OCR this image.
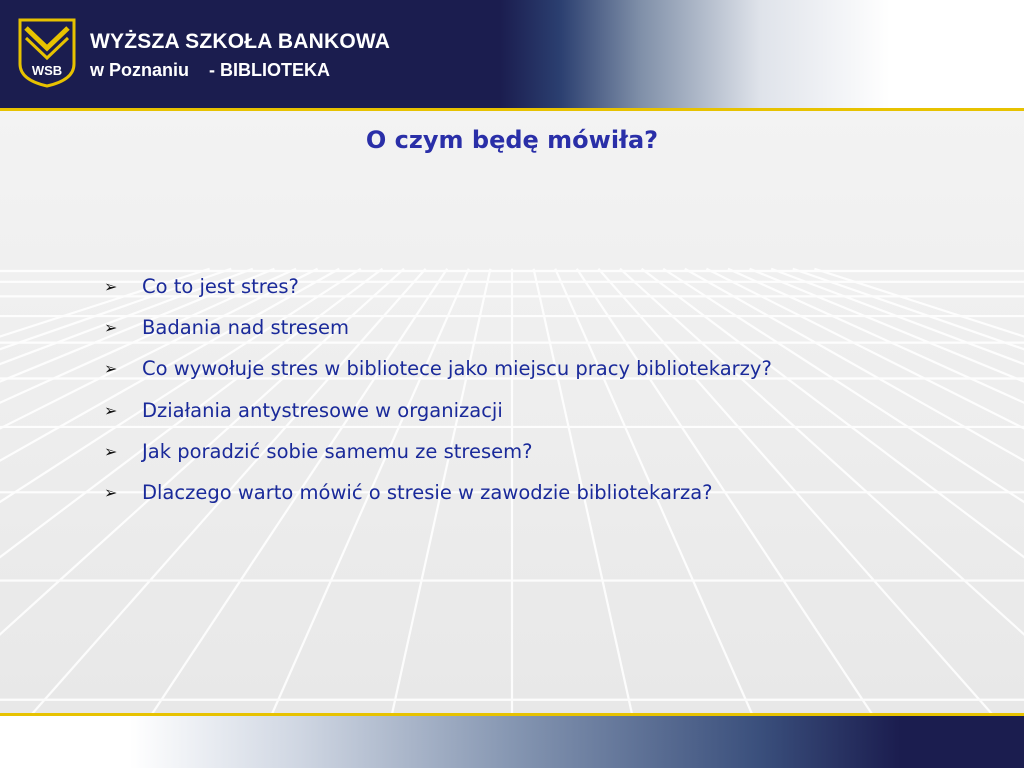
WSB
WYŻSZA SZKOŁA BANKOWA
w Poznaniu - BIBLIOTEKA
O czym będę mówiła?
➢	Co to jest stres?
➢	Badania nad stresem
➢	Co wywołuje stres w bibliotece jako miejscu pracy bibliotekarzy?
➢	Działania antystresowe w organizacji
➢	Jak poradzić sobie samemu ze stresem?
➢	Dlaczego warto mówić o stresie w zawodzie bibliotekarza?
